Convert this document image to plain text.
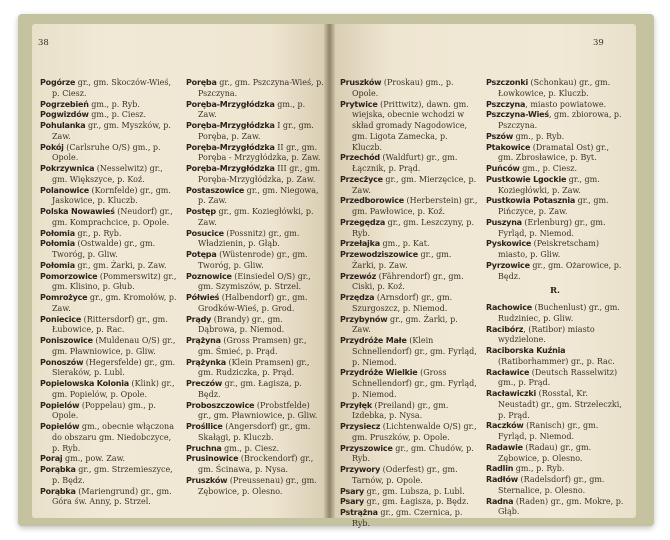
38	39
Pogórze gr., gm. Skoczów-Wieś, p. Ciesz.
Pogrzebień gm., p. Ryb.
Pogwizdów gm., p. Ciesz.
Pohulanka gr., gm. Myszków, p. Zaw.
Pokój (Carlsruhe O/S) gm., p. Opole.
Pokrzywnica (Nesselwitz) gr., gm. Większyce, p. Koź.
Polanowice (Kornfelde) gr., gm. Jaskowice, p. Kluczb.
Polska Nowawieś (Neudorf) gr., gm. Komprachcice, p. Opole.
Połomia gr., p. Ryb.
Połomia (Ostwalde) gr., gm. Tworóg, p. Gliw.
Połomia gr., gm. Żarki, p. Zaw.
Pomorzowice (Pommerswitz) gr., gm. Klisino, p. Głub.
Pomrożyce gr., gm. Kromołów, p. Zaw.
Poniecice (Rittersdorf) gr., gm. Łubowice, p. Rac.
Poniszowice (Muldenau O/S) gr., gm. Pławniowice, p. Gliw.
Ponoszów (Hegersfelde) gr., gm. Sieraków, p. Lubl.
Popielowska Kolonia (Klink) gr., gm. Popielów, p. Opole.
Popielów (Poppelau) gm., p. Opole.
Popielów gm., obecnie włączona do obszaru gm. Niedobczyce, p. Ryb.
Poraj gm., pow. Zaw.
Porąbka gr., gm. Strzemieszyce, p. Będz.
Porąbka (Mariengrund) gr., gm. Góra św. Anny, p. Strzel.
Poręba gr., gm. Pszczyna-Wieś, p. Pszczyna.
Poręba-Mrzygłódzka gm., p. Zaw.
Poręba-Mrzygłódzka I gr., gm. Poręba, p. Zaw.
Poręba-Mrzygłódzka II gr., gm. Poręba - Mrzygłódzka, p. Zaw.
Poręba-Mrzygłódzka III gr., gm. Poręba-Mrzygłódzka, p. Zaw.
Postaszowice gr., gm. Niegowa, p. Zaw.
Postęp gr., gm. Koziegłówki, p. Zaw.
Posucice (Possnitz) gr., gm. Władzienin, p. Głąb.
Potępa (Wüstenrode) gr., gm. Tworóg, p. Gliw.
Poznowice (Einsiedel O/S) gr., gm. Szymiszów, p. Strzel.
Półwieś (Halbendorf) gr., gm. Grodków-Wieś, p. Grod.
Prądy (Brandy) gr., gm. Dąbrowa, p. Niemod.
Prążyna (Gross Pramsen) gr., gm. Śmieć, p. Prąd.
Prążynka (Klein Pramsen) gr., gm. Rudziczka, p. Prąd.
Preczów gr., gm. Łagisza, p. Będz.
Proboszczowice (Probstfelde) gr., gm. Pławniowice, p. Gliw.
Prośllice (Angersdorf) gr., gm. Skałągi, p. Kluczb.
Pruchna gm., p. Ciesz.
Prusinowice (Brockendorf) gr., gm. Ścinawa, p. Nysa.
Pruszków (Preussenau) gr., gm. Zębowice, p. Olesno.
Pruszków (Proskau) gm., p. Opole.
Prytwice (Prittwitz), dawn. gm. wiejska, obecnie wchodzi w skład gromady Nagodowice, gm. Ligota Zamecka, p. Kluczb.
Przechód (Waldfurt) gr., gm. Łącznik, p. Prąd.
Przecżyce gr., gm. Mierzęcice, p. Zaw.
Przedborowice (Herberstein) gr., gm. Pawłowice, p. Koź.
Przegędza gr., gm. Leszczyny, p. Ryb.
Przełajka gm., p. Kat.
Przewodziszowice gr., gm. Żarki, p. Zaw.
Przewóz (Fährendorf) gr., gm. Ciski, p. Koź.
Przędza (Arnsdorf) gr., gm. Szurgoszcz, p. Niemod.
Przybynów gr., gm. Żarki, p. Zaw.
Przydróże Małe (Klein Schnellendorf) gr., gm. Fyrląd, p. Niemod.
Przydróże Wielkie (Gross Schnellendorf) gr., gm. Fyrląd, p. Niemod.
Przyłęk (Preiland) gr., gm. Izdebka, p. Nysa.
Przysiecz (Lichtenwalde O/S) gr., gm. Pruszków, p. Opole.
Przyszowice gr., gm. Chudów, p. Ryb.
Przywory (Oderfest) gr., gm. Tarnów, p. Opole.
Psary gr., gm. Lubsza, p. Lubl.
Psary gr., gm. Łagisza, p. Będz.
Pstrążna gr., gm. Czernica, p. Ryb.
Pszczonki (Schonkau) gr., gm. Łowkowice, p. Kluczb.
Pszczyna, miasto powiatowe.
Pszczyna-Wieś, gm. zbiorowa, p. Pszczyna.
Pszów gm., p. Ryb.
Ptakowice (Dramatal Ost) gr., gm. Zbrosławice, p. Byt.
Puńców gm., p. Ciesz.
Pustkowie Lgockie gr., gm. Koziegłówki, p. Zaw.
Pustkowia Potasznia gr., gm. Pińczyce, p. Zaw.
Puszyna (Erlenburg) gr., gm. Fyrląd, p. Niemod.
Pyskowice (Peiskretscham) miasto, p. Gliw.
Pyrzowice gr., gm. Ożarowice, p. Będz.
R.
Rachowice (Buchenlust) gr., gm. Rudziniec, p. Gliw.
Racibórz, (Ratibor) miasto wydzielone.
Raciborska Kuźnia (Ratiborhammer) gr., p. Rac.
Racławice (Deutsch Rasselwitz) gm., p. Prąd.
Racławiczki (Rosstal, Kr. Neustadt) gr., gm. Strzeleczki, p. Prąd.
Raczków (Ranisch) gr., gm. Fyrląd, p. Niemod.
Radawie (Radau) gr., gm. Zębowice, p. Olesno.
Radlin gm., p. Ryb.
Radłów (Radelsdorf) gr., gm. Sternalice, p. Olesno.
Radna (Raden) gr., gm. Mokre, p. Głąb.
